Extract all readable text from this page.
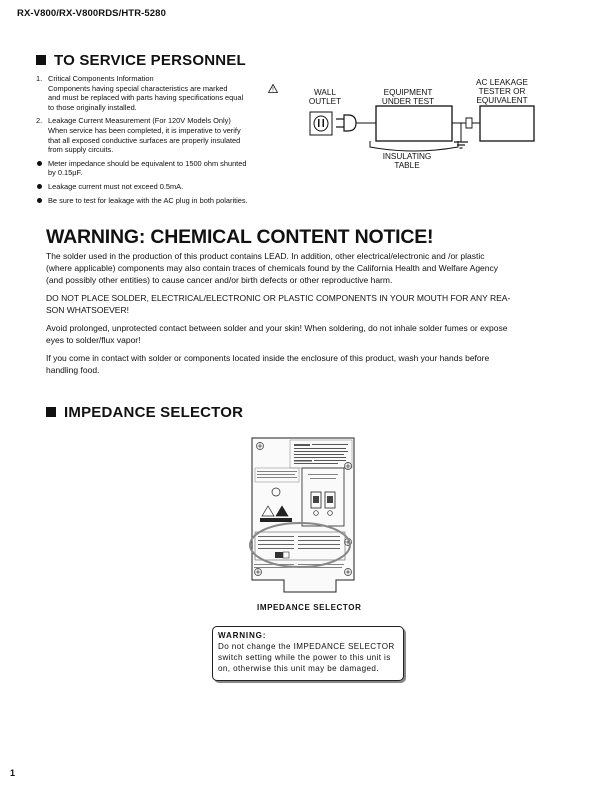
RX-V800/RX-V800RDS/HTR-5280
TO SERVICE PERSONNEL
1. Critical Components Information
Components having special characteristics are marked	!
and must be replaced with parts having specifications equal
to those originally installed.
2. Leakage Current Measurement (For 120V Models Only)
When service has been completed, it is imperative to verify
that all exposed conductive surfaces are properly insulated
from supply circuits.
Meter impedance should be equivalent to 1500 ohm shunted
by 0.15µF.
Leakage current must not exceed 0.5mA.
Be sure to test for leakage with the AC plug in both polarities.
WALL
OUTLET
EQUIPMENT
UNDER TEST
AC LEAKAGE
TESTER OR
EQUIVALENT
INSULATING
TABLE
WARNING: CHEMICAL CONTENT NOTICE!
The solder used in the production of this product contains LEAD. In addition, other electrical/electronic and /or plastic
(where applicable) components may also contain traces of chemicals found by the California Health and Welfare Agency
(and possibly other entities) to cause cancer and/or birth defects or other reproductive harm.
DO NOT PLACE SOLDER, ELECTRICAL/ELECTRONIC OR PLASTIC COMPONENTS IN YOUR MOUTH FOR ANY REA-
SON WHATSOEVER!
Avoid prolonged, unprotected contact between solder and your skin! When soldering, do not inhale solder fumes or expose
eyes to solder/flux vapor!
If you come in contact with solder or components located inside the enclosure of this product, wash your hands before
handling food.
IMPEDANCE SELECTOR
IMPEDANCE SELECTOR
WARNING:
Do not change the IMPEDANCE SELECTOR
switch setting while the power to this unit is
on, otherwise this unit may be damaged.
1
